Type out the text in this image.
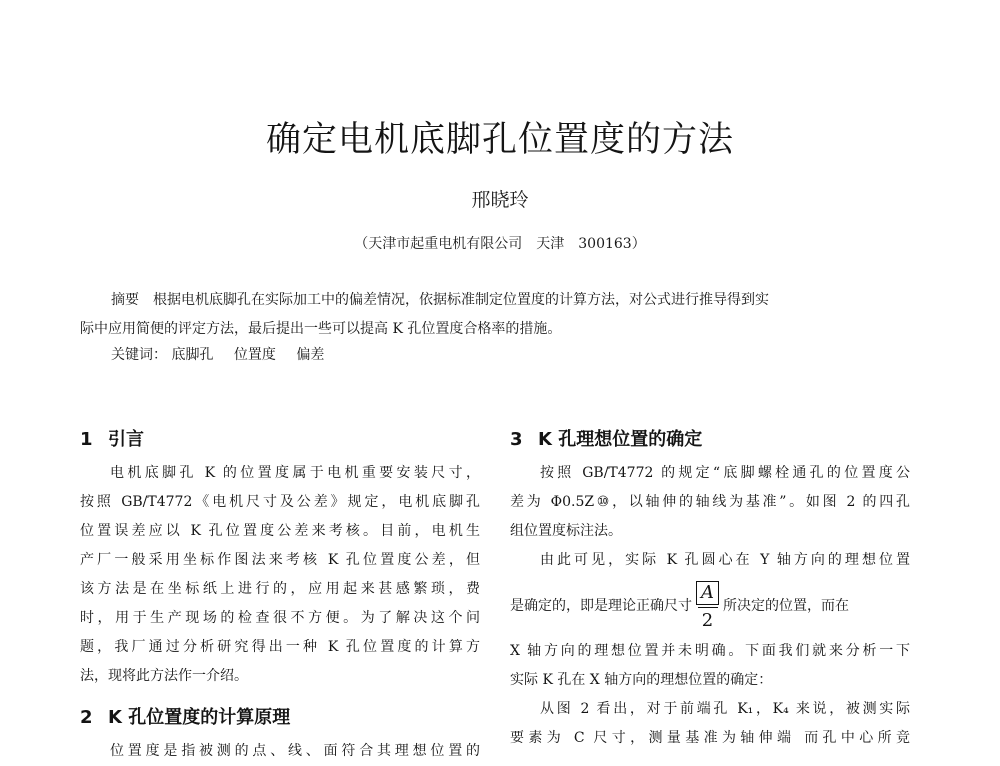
确定电机底脚孔位置度的方法
邢晓玲
（天津市起重电机有限公司　天津　300163）
摘要 根据电机底脚孔在实际加工中的偏差情况，依据标准制定位置度的计算方法，对公式进行推导得到实
际中应用简便的评定方法，最后提出一些可以提高 K 孔位置度合格率的措施。
关键词： 底脚孔 位置度 偏差
1 引言
电机底脚孔 K 的位置度属于电机重要安装尺寸，
按照 GB/T4772《电机尺寸及公差》规定，电机底脚孔
位置误差应以 K 孔位置度公差来考核。目前，电机生
产厂一般采用坐标作图法来考核 K 孔位置度公差，但
该方法是在坐标纸上进行的，应用起来甚感繁琐，费
时，用于生产现场的检查很不方便。为了解决这个问
题，我厂通过分析研究得出一种 K 孔位置度的计算方
法，现将此方法作一介绍。
2 K 孔位置度的计算原理
位置度是指被测的点、线、面符合其理想位置的
3 K 孔理想位置的确定
按照 GB/T4772 的规定“底脚螺栓通孔的位置度公
差为 Φ0.5Z⑩，以轴伸的轴线为基准”。如图 2 的四孔
组位置度标注法。
由此可见，实际 K 孔圆心在 Y 轴方向的理想位置
是确定的，即是理论正确尺寸 $\frac{A}{2}$ 所决定的位置，而在
X 轴方向的理想位置并未明确。下面我们就来分析一下
实际 K 孔在 X 轴方向的理想位置的确定：
从图 2 看出，对于前端孔 K₁，K₄ 来说，被测实际
要素为 C 尺寸，测量基准为轴伸端 而孔中心所竞
